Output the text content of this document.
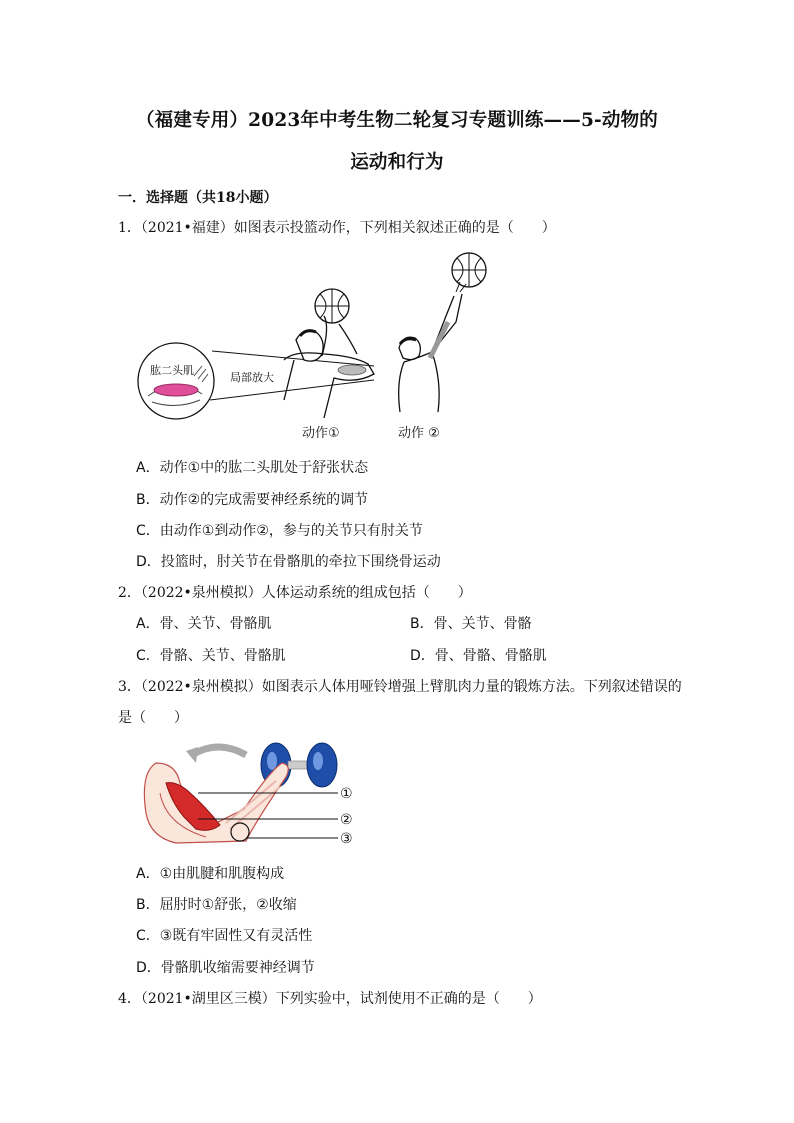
（福建专用）2023年中考生物二轮复习专题训练——5-动物的
运动和行为
一．选择题（共18小题）
1．（2021•福建）如图表示投篮动作，下列相关叙述正确的是（　　）
肱二头肌
局部放大
动作①	动作 ②
A．动作①中的肱二头肌处于舒张状态
B．动作②的完成需要神经系统的调节
C．由动作①到动作②，参与的关节只有肘关节
D．投篮时，肘关节在骨骼肌的牵拉下围绕骨运动
2．（2022•泉州模拟）人体运动系统的组成包括（　　）
A．骨、关节、骨骼肌	B．骨、关节、骨骼
C．骨骼、关节、骨骼肌	D．骨、骨骼、骨骼肌
3．（2022•泉州模拟）如图表示人体用哑铃增强上臂肌肉力量的锻炼方法。下列叙述错误的
是（　　）
①
②
③
A．①由肌腱和肌腹构成
B．屈肘时①舒张，②收缩
C．③既有牢固性又有灵活性
D．骨骼肌收缩需要神经调节
4．（2021•湖里区三模）下列实验中，试剂使用不正确的是（　　）
